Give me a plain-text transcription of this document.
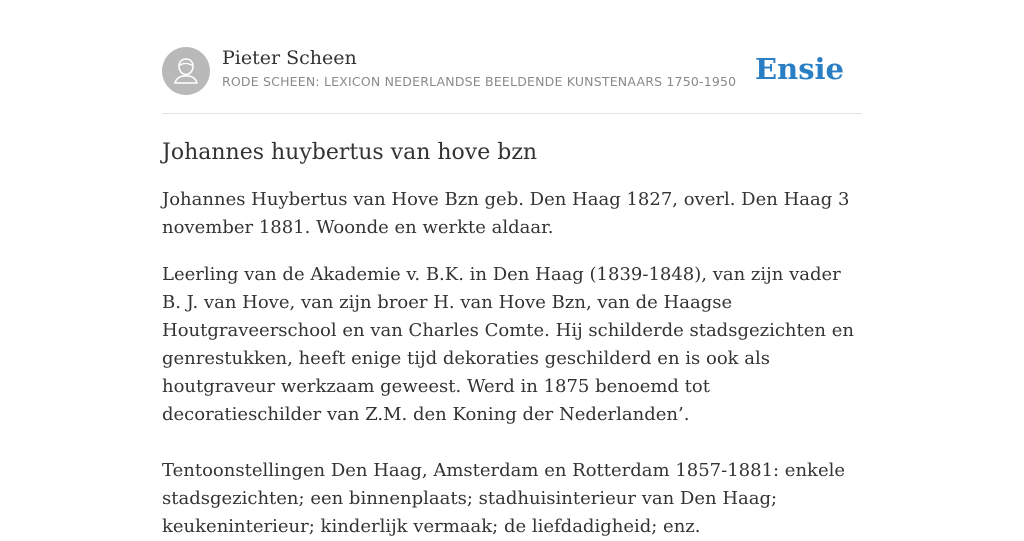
Pieter Scheen
RODE SCHEEN: LEXICON NEDERLANDSE BEELDENDE KUNSTENAARS 1750-1950 Ensie
Johannes huybertus van hove bzn

Johannes Huybertus van Hove Bzn geb. Den Haag 1827, overl. Den Haag 3 november 1881. Woonde en werkte aldaar.

Leerling van de Akademie v. B.K. in Den Haag (1839-1848), van zijn vader B. J. van Hove, van zijn broer H. van Hove Bzn, van de Haagse Houtgraveerschool en van Charles Comte. Hij schilderde stadsgezichten en genrestukken, heeft enige tijd dekoraties geschilderd en is ook als houtgraveur werkzaam geweest. Werd in 1875 benoemd tot decoratieschilder van Z.M. den Koning der Nederlanden’.

Tentoonstellingen Den Haag, Amsterdam en Rotterdam 1857-1881: enkele stadsgezichten; een binnenplaats; stadhuisinterieur van Den Haag; keukeninterieur; kinderlijk vermaak; de liefdadigheid; enz.
